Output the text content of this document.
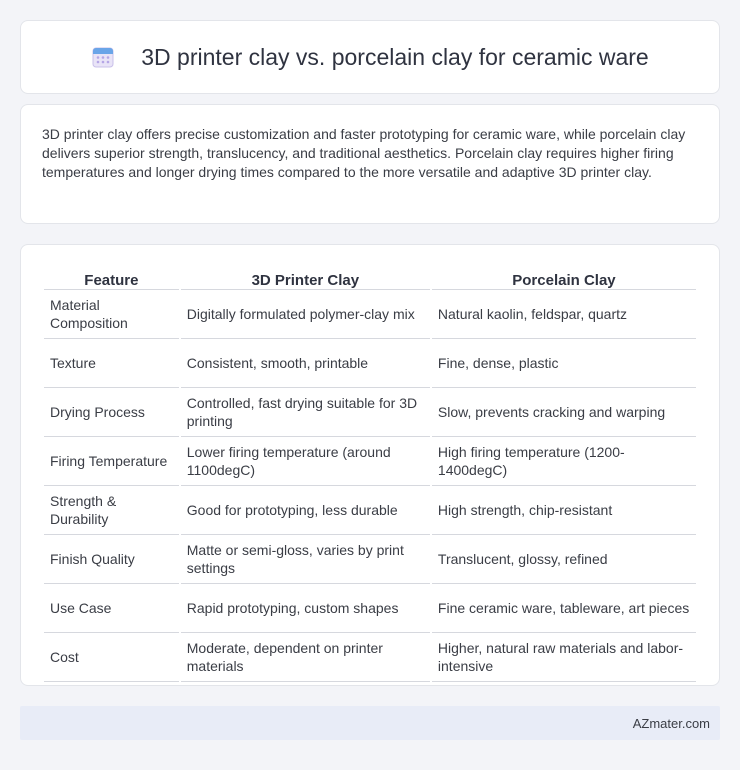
3D printer clay vs. porcelain clay for ceramic ware

3D printer clay offers precise customization and faster prototyping for ceramic ware, while porcelain clay delivers superior strength, translucency, and traditional aesthetics. Porcelain clay requires higher firing temperatures and longer drying times compared to the more versatile and adaptive 3D printer clay.

Feature	3D Printer Clay	Porcelain Clay
Material Composition	Digitally formulated polymer-clay mix	Natural kaolin, feldspar, quartz
Texture	Consistent, smooth, printable	Fine, dense, plastic
Drying Process	Controlled, fast drying suitable for 3D printing	Slow, prevents cracking and warping
Firing Temperature	Lower firing temperature (around 1100degC)	High firing temperature (1200-1400degC)
Strength & Durability	Good for prototyping, less durable	High strength, chip-resistant
Finish Quality	Matte or semi-gloss, varies by print settings	Translucent, glossy, refined
Use Case	Rapid prototyping, custom shapes	Fine ceramic ware, tableware, art pieces
Cost	Moderate, dependent on printer materials	Higher, natural raw materials and labor-intensive
AZmater.com
